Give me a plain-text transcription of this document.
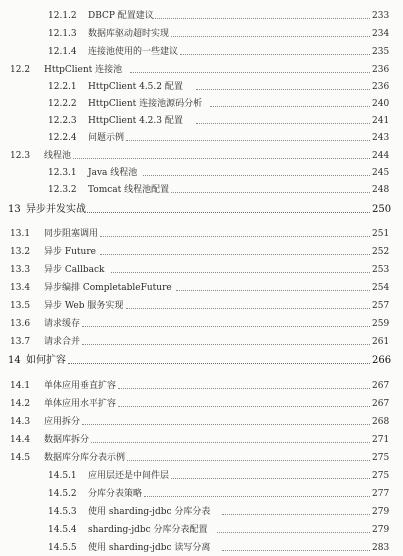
12.1.2 DBCP 配置建议	233
12.1.3 数据库驱动超时实现	234
12.1.4 连接池使用的一些建议	235
12.2 HttpClient 连接池	236
12.2.1 HttpClient 4.5.2 配置	236
12.2.2 HttpClient 连接池源码分析	240
12.2.3 HttpClient 4.2.3 配置	241
12.2.4 问题示例	243
12.3 线程池	244
12.3.1 Java 线程池	245
12.3.2 Tomcat 线程池配置	248
13 异步并发实战	250
13.1 同步阻塞调用	251
13.2 异步 Future	252
13.3 异步 Callback	253
13.4 异步编排 CompletableFuture	254
13.5 异步 Web 服务实现	257
13.6 请求缓存	259
13.7 请求合并	261
14 如何扩容	266
14.1 单体应用垂直扩容	267
14.2 单体应用水平扩容	267
14.3 应用拆分	268
14.4 数据库拆分	271
14.5 数据库分库分表示例	275
14.5.1 应用层还是中间件层	275
14.5.2 分库分表策略	277
14.5.3 使用 sharding-jdbc 分库分表	279
14.5.4 sharding-jdbc 分库分表配置	279
14.5.5 使用 sharding-jdbc 读写分离	283
